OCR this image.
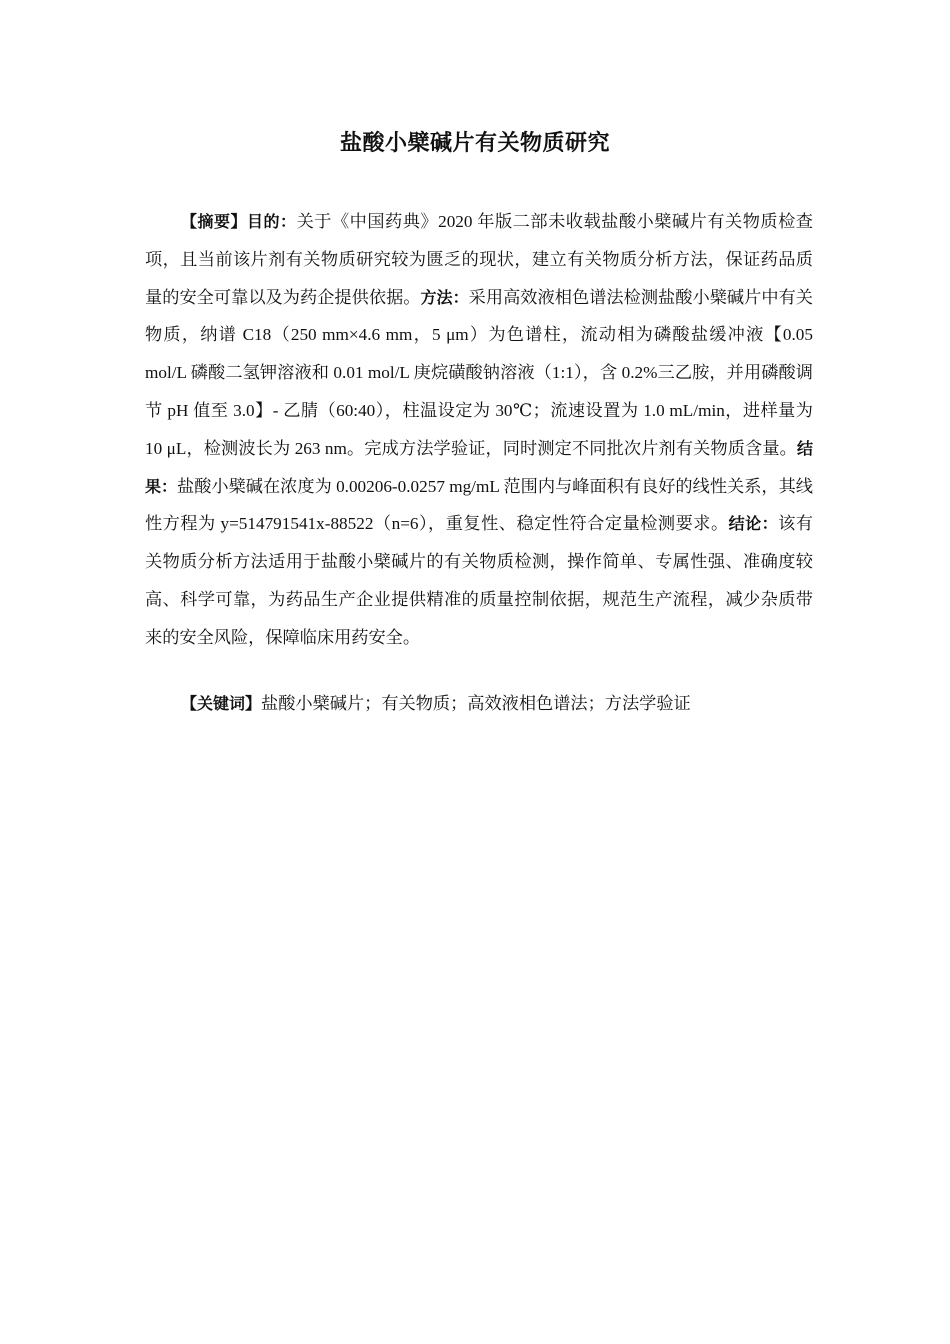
盐酸小檗碱片有关物质研究

【摘要】目的：关于《中国药典》2020 年版二部未收载盐酸小檗碱片有关物质检查项，且当前该片剂有关物质研究较为匮乏的现状，建立有关物质分析方法，保证药品质量的安全可靠以及为药企提供依据。方法：采用高效液相色谱法检测盐酸小檗碱片中有关物质，纳谱 C18（250 mm×4.6 mm，5 μm）为色谱柱，流动相为磷酸盐缓冲液【0.05 mol/L 磷酸二氢钾溶液和 0.01 mol/L 庚烷磺酸钠溶液（1:1），含 0.2%三乙胺，并用磷酸调节 pH 值至 3.0】- 乙腈（60:40），柱温设定为 30℃；流速设置为 1.0 mL/min，进样量为 10 μL，检测波长为 263 nm。完成方法学验证，同时测定不同批次片剂有关物质含量。结果：盐酸小檗碱在浓度为 0.00206-0.0257 mg/mL 范围内与峰面积有良好的线性关系，其线性方程为 y=514791541x-88522（n=6），重复性、稳定性符合定量检测要求。结论：该有关物质分析方法适用于盐酸小檗碱片的有关物质检测，操作简单、专属性强、准确度较高、科学可靠，为药品生产企业提供精准的质量控制依据，规范生产流程，减少杂质带来的安全风险，保障临床用药安全。

【关键词】盐酸小檗碱片；有关物质；高效液相色谱法；方法学验证
